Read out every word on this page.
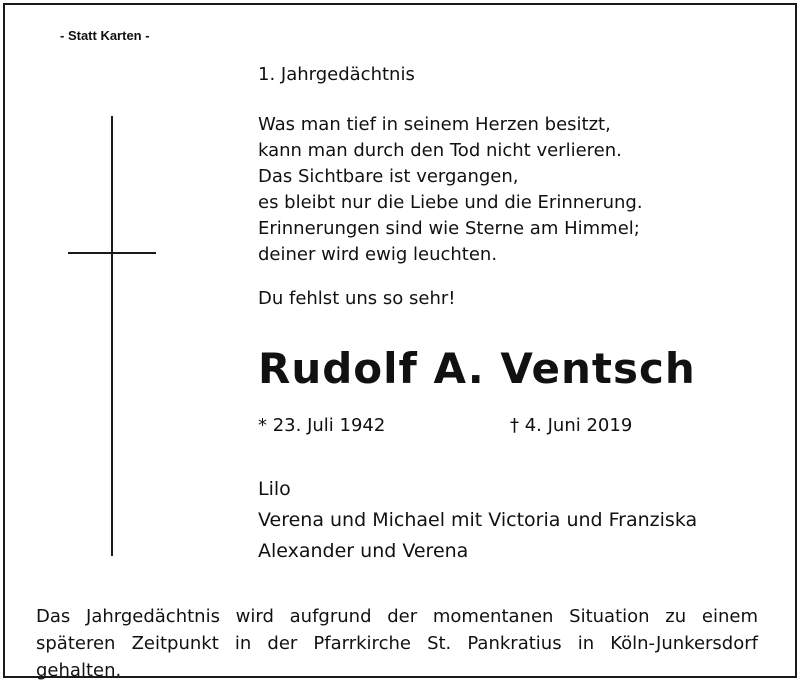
- Statt Karten -
1. Jahrgedächtnis
Was man tief in seinem Herzen besitzt,
kann man durch den Tod nicht verlieren.
Das Sichtbare ist vergangen,
es bleibt nur die Liebe und die Erinnerung.
Erinnerungen sind wie Sterne am Himmel;
deiner wird ewig leuchten.
Du fehlst uns so sehr!
Rudolf A. Ventsch
* 23. Juli 1942	† 4. Juni 2019
Lilo
Verena und Michael mit Victoria und Franziska
Alexander und Verena
Das Jahrgedächtnis wird aufgrund der momentanen Situation zu einem späteren Zeitpunkt in der Pfarrkirche St. Pankratius in Köln-Junkersdorf gehalten.
